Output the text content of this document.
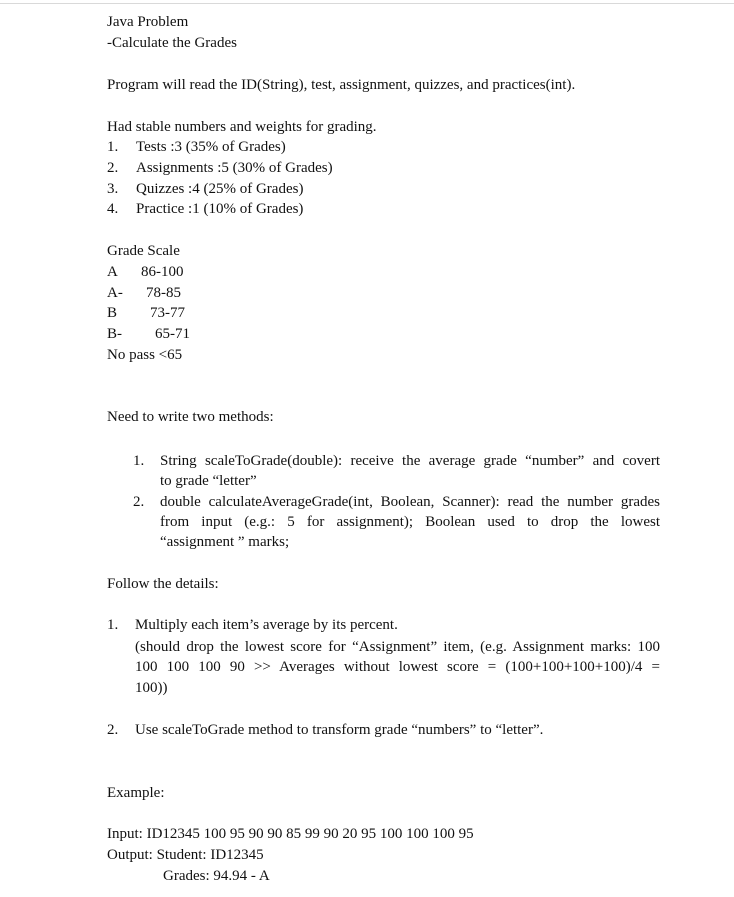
Java Problem
-Calculate the Grades
Program will read the ID(String), test, assignment, quizzes, and practices(int).
Had stable numbers and weights for grading.
1. Tests :3 (35% of Grades)
2. Assignments :5 (30% of Grades)
3. Quizzes :4 (25% of Grades)
4. Practice :1 (10% of Grades)
Grade Scale
A 86-100
A- 78-85
B 73-77
B- 65-71
No pass <65
Need to write two methods:
1. String scaleToGrade(double): receive the average grade “number” and covert
to grade “letter”
2. double calculateAverageGrade(int, Boolean, Scanner): read the number grades
from input (e.g.: 5 for assignment); Boolean used to drop the lowest
“assignment ” marks;
Follow the details:
1. Multiply each item’s average by its percent.
(should drop the lowest score for “Assignment” item, (e.g. Assignment marks: 100
100 100 100 90 >> Averages without lowest score = (100+100+100+100)/4 =
100))
2. Use scaleToGrade method to transform grade “numbers” to “letter”.
Example:
Input: ID12345 100 95 90 90 85 99 90 20 95 100 100 100 95
Output: Student: ID12345
Grades: 94.94 - A
